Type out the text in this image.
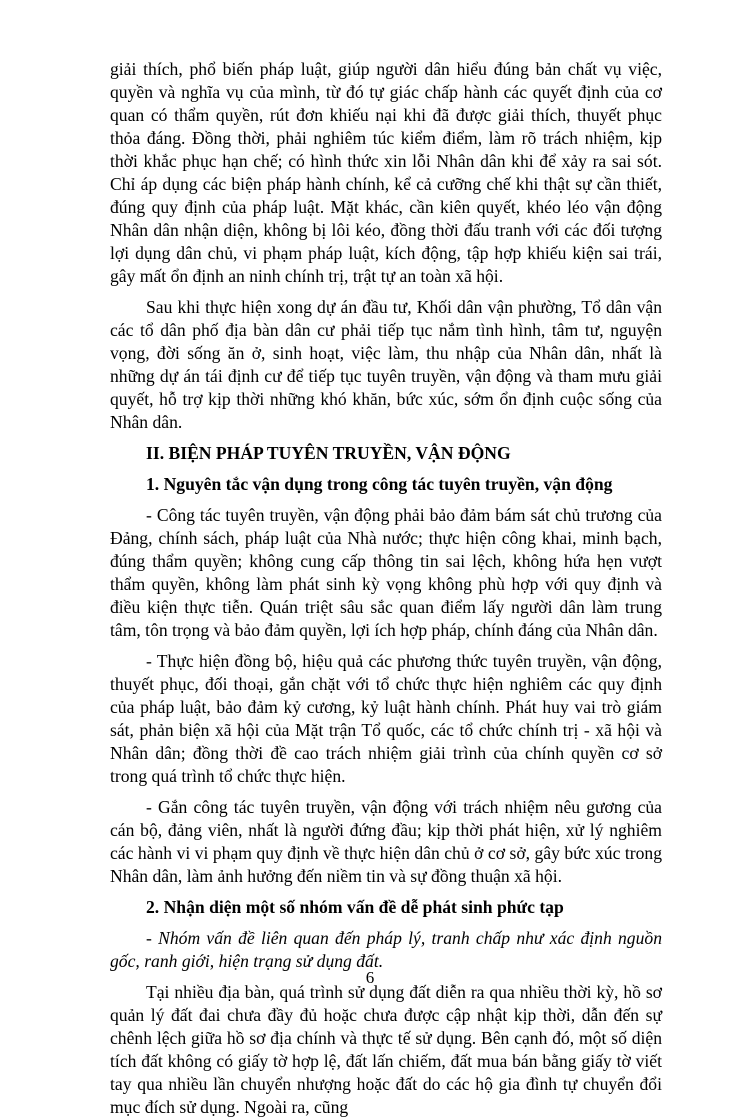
giải thích, phổ biến pháp luật, giúp người dân hiểu đúng bản chất vụ việc, quyền và nghĩa vụ của mình, từ đó tự giác chấp hành các quyết định của cơ quan có thẩm quyền, rút đơn khiếu nại khi đã được giải thích, thuyết phục thỏa đáng. Đồng thời, phải nghiêm túc kiểm điểm, làm rõ trách nhiệm, kịp thời khắc phục hạn chế; có hình thức xin lỗi Nhân dân khi để xảy ra sai sót. Chỉ áp dụng các biện pháp hành chính, kể cả cưỡng chế khi thật sự cần thiết, đúng quy định của pháp luật. Mặt khác, cần kiên quyết, khéo léo vận động Nhân dân nhận diện, không bị lôi kéo, đồng thời đấu tranh với các đối tượng lợi dụng dân chủ, vi phạm pháp luật, kích động, tập hợp khiếu kiện sai trái, gây mất ổn định an ninh chính trị, trật tự an toàn xã hội.

Sau khi thực hiện xong dự án đầu tư, Khối dân vận phường, Tổ dân vận các tổ dân phố địa bàn dân cư phải tiếp tục nắm tình hình, tâm tư, nguyện vọng, đời sống ăn ở, sinh hoạt, việc làm, thu nhập của Nhân dân, nhất là những dự án tái định cư để tiếp tục tuyên truyền, vận động và tham mưu giải quyết, hỗ trợ kịp thời những khó khăn, bức xúc, sớm ổn định cuộc sống của Nhân dân.

II. BIỆN PHÁP TUYÊN TRUYỀN, VẬN ĐỘNG

1. Nguyên tắc vận dụng trong công tác tuyên truyền, vận động

- Công tác tuyên truyền, vận động phải bảo đảm bám sát chủ trương của Đảng, chính sách, pháp luật của Nhà nước; thực hiện công khai, minh bạch, đúng thẩm quyền; không cung cấp thông tin sai lệch, không hứa hẹn vượt thẩm quyền, không làm phát sinh kỳ vọng không phù hợp với quy định và điều kiện thực tiễn. Quán triệt sâu sắc quan điểm lấy người dân làm trung tâm, tôn trọng và bảo đảm quyền, lợi ích hợp pháp, chính đáng của Nhân dân.

- Thực hiện đồng bộ, hiệu quả các phương thức tuyên truyền, vận động, thuyết phục, đối thoại, gắn chặt với tổ chức thực hiện nghiêm các quy định của pháp luật, bảo đảm kỷ cương, kỷ luật hành chính. Phát huy vai trò giám sát, phản biện xã hội của Mặt trận Tổ quốc, các tổ chức chính trị - xã hội và Nhân dân; đồng thời đề cao trách nhiệm giải trình của chính quyền cơ sở trong quá trình tổ chức thực hiện.

- Gắn công tác tuyên truyền, vận động với trách nhiệm nêu gương của cán bộ, đảng viên, nhất là người đứng đầu; kịp thời phát hiện, xử lý nghiêm các hành vi vi phạm quy định về thực hiện dân chủ ở cơ sở, gây bức xúc trong Nhân dân, làm ảnh hưởng đến niềm tin và sự đồng thuận xã hội.

2. Nhận diện một số nhóm vấn đề dễ phát sinh phức tạp

- Nhóm vấn đề liên quan đến pháp lý, tranh chấp như xác định nguồn gốc, ranh giới, hiện trạng sử dụng đất.

Tại nhiều địa bàn, quá trình sử dụng đất diễn ra qua nhiều thời kỳ, hồ sơ quản lý đất đai chưa đầy đủ hoặc chưa được cập nhật kịp thời, dẫn đến sự chênh lệch giữa hồ sơ địa chính và thực tế sử dụng. Bên cạnh đó, một số diện tích đất không có giấy tờ hợp lệ, đất lấn chiếm, đất mua bán bằng giấy tờ viết tay qua nhiều lần chuyển nhượng hoặc đất do các hộ gia đình tự chuyển đổi mục đích sử dụng. Ngoài ra, cũng

6
